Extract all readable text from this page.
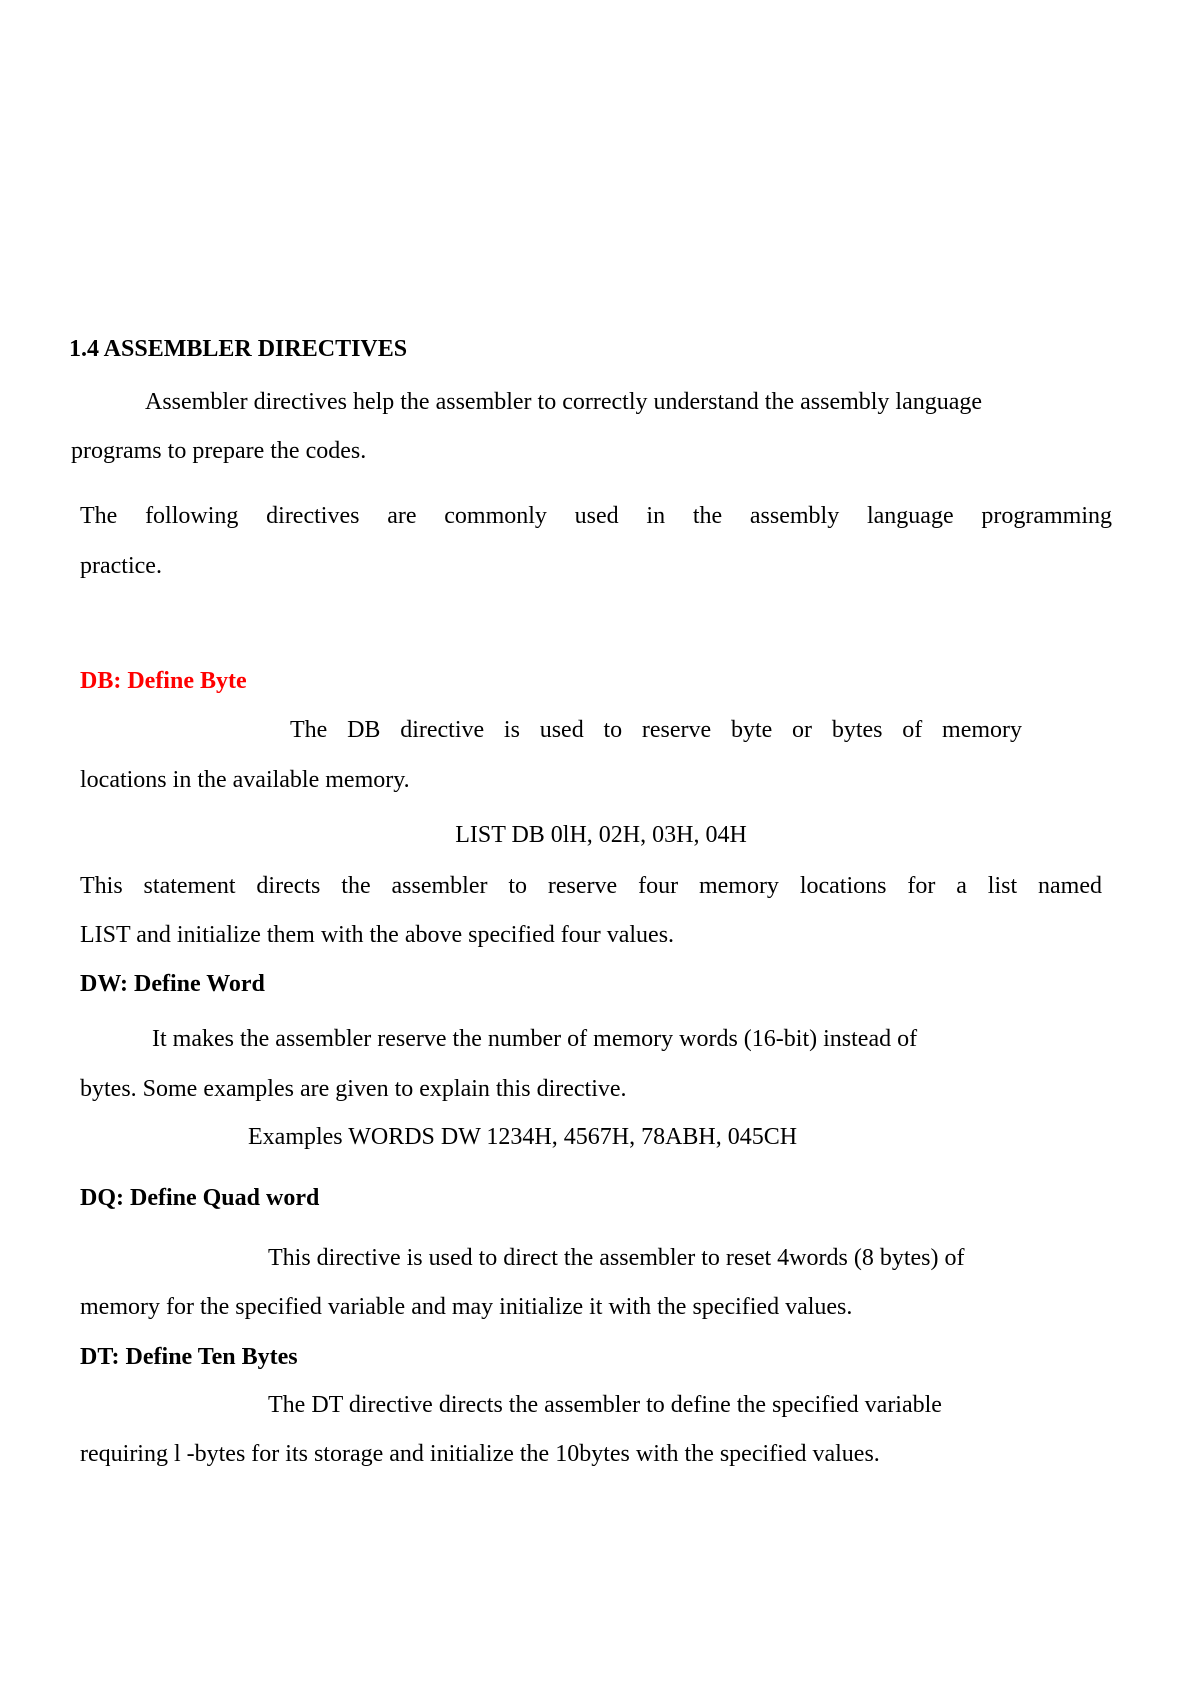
1.4 ASSEMBLER DIRECTIVES
Assembler directives help the assembler to correctly understand the assembly language
programs to prepare the codes.
The following directives are commonly used in the assembly language programming
practice.
DB: Define Byte
The DB directive is used to reserve byte or bytes of memory
locations in the available memory.
LIST DB 0lH, 02H, 03H, 04H
This statement directs the assembler to reserve four memory locations for a list named
LIST and initialize them with the above specified four values.
DW: Define Word
It makes the assembler reserve the number of memory words (16-bit) instead of
bytes. Some examples are given to explain this directive.
Examples WORDS DW 1234H, 4567H, 78ABH, 045CH
DQ: Define Quad word
This directive is used to direct the assembler to reset 4words (8 bytes) of
memory for the specified variable and may initialize it with the specified values.
DT: Define Ten Bytes
The DT directive directs the assembler to define the specified variable
requiring l -bytes for its storage and initialize the 10bytes with the specified values.
